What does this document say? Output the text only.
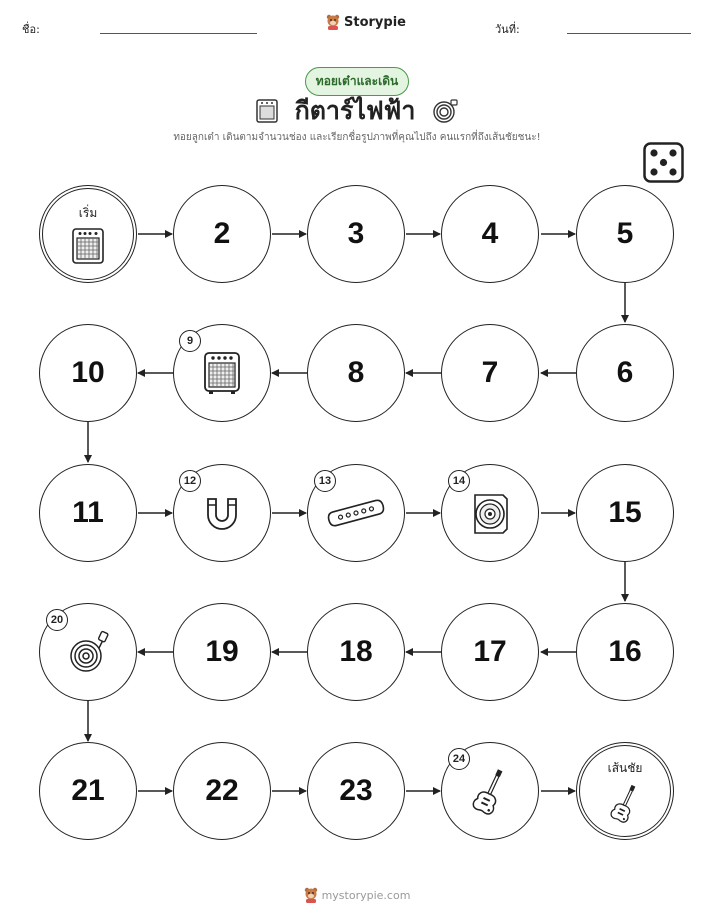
ชื่อ:	Storypie	วันที่:
ทอยเต๋าและเดิน
กีตาร์ไฟฟ้า
ทอยลูกเต๋า เดินตามจำนวนช่อง และเรียกชื่อรูปภาพที่คุณไปถึง คนแรกที่ถึงเส้นชัยชนะ!
เริ่ม
2	3	4	5
10
9
8	7	6
11
12	13	14
15
20
19	18	17	16
21	22	23
24
เส้นชัย
mystorypie.com
